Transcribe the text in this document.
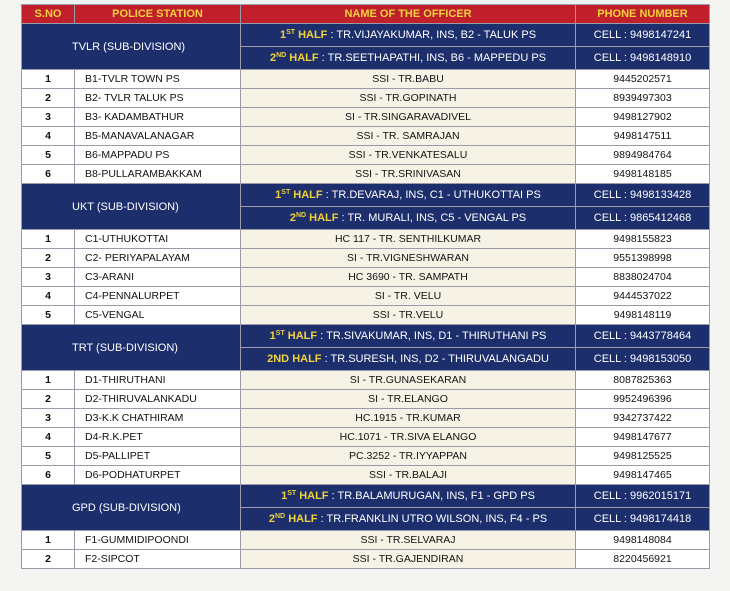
S.NO	POLICE STATION	NAME OF THE OFFICER	PHONE NUMBER
TVLR (SUB-DIVISION)		1ST HALF : TR.VIJAYAKUMAR, INS, B2 - TALUK PS	CELL : 9498147241
		2ND HALF : TR.SEETHAPATHI, INS, B6 - MAPPEDU PS	CELL : 9498148910
1	B1-TVLR TOWN PS	SSI - TR.BABU	9445202571
2	B2- TVLR TALUK PS	SSI - TR.GOPINATH	8939497303
3	B3- KADAMBATHUR	SI - TR.SINGARAVADIVEL	9498127902
4	B5-MANAVALANAGAR	SSI - TR. SAMRAJAN	9498147511
5	B6-MAPPADU PS	SSI - TR.VENKATESALU	9894984764
6	B8-PULLARAMBAKKAM	SSI - TR.SRINIVASAN	9498148185
UKT (SUB-DIVISION)		1ST HALF : TR.DEVARAJ, INS, C1 - UTHUKOTTAI PS	CELL : 9498133428
		2ND HALF : TR. MURALI, INS, C5 - VENGAL PS	CELL : 9865412468
1	C1-UTHUKOTTAI	HC 117 - TR. SENTHILKUMAR	9498155823
2	C2- PERIYAPALAYAM	SI - TR.VIGNESHWARAN	9551398998
3	C3-ARANI	HC 3690 - TR. SAMPATH	8838024704
4	C4-PENNALURPET	SI - TR. VELU	9444537022
5	C5-VENGAL	SSI - TR.VELU	9498148119
TRT (SUB-DIVISION)		1ST HALF : TR.SIVAKUMAR, INS, D1 - THIRUTHANI PS	CELL : 9443778464
		2ND HALF : TR.SURESH, INS, D2 - THIRUVALANGADU	CELL : 9498153050
1	D1-THIRUTHANI	SI - TR.GUNASEKARAN	8087825363
2	D2-THIRUVALANKADU	SI - TR.ELANGO	9952496396
3	D3-K.K CHATHIRAM	HC.1915 - TR.KUMAR	9342737422
4	D4-R.K.PET	HC.1071 - TR.SIVA ELANGO	9498147677
5	D5-PALLIPET	PC.3252 - TR.IYYAPPAN	9498125525
6	D6-PODHATURPET	SSI - TR.BALAJI	9498147465
GPD (SUB-DIVISION)		1ST HALF : TR.BALAMURUGAN, INS, F1 - GPD PS	CELL : 9962015171
		2ND HALF : TR.FRANKLIN UTRO WILSON, INS, F4 - PS	CELL : 9498174418
1	F1-GUMMIDIPOONDI	SSI - TR.SELVARAJ	9498148084
2	F2-SIPCOT	SSI - TR.GAJENDIRAN	8220456921
